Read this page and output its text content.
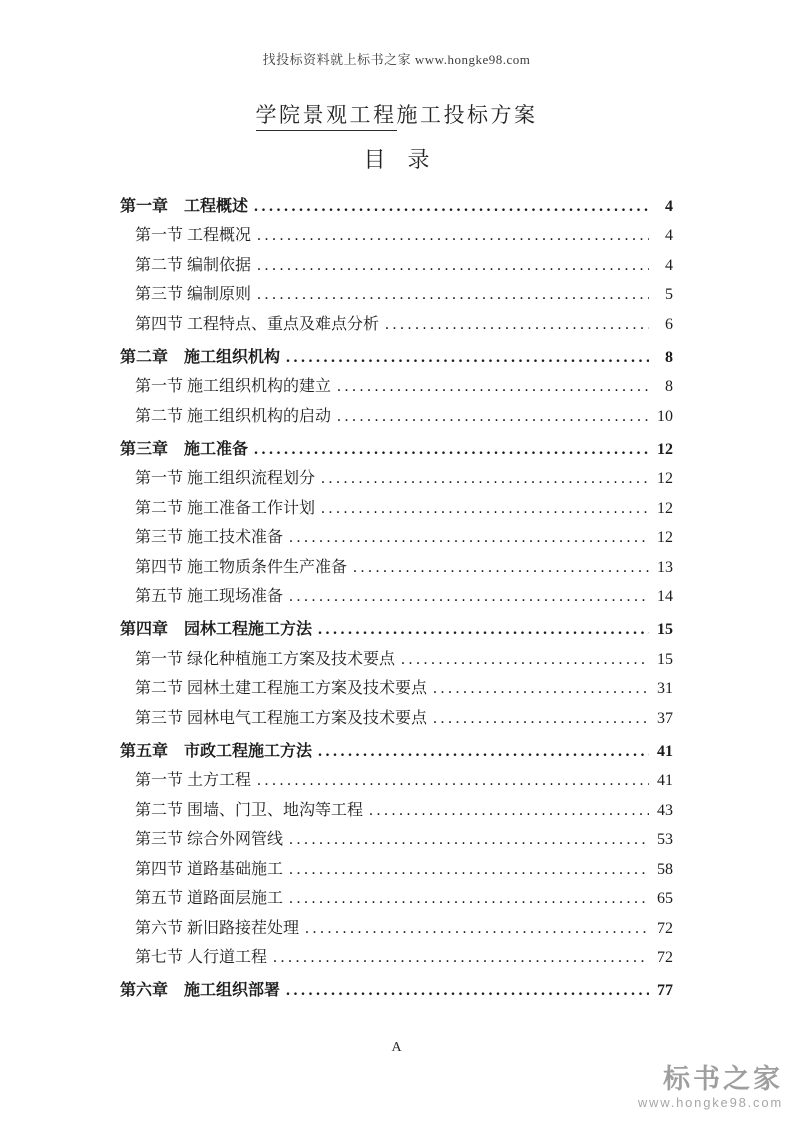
找投标资料就上标书之家 www.hongke98.com
学院景观工程施工投标方案
目　录
第一章　工程概述 .....	4
第一节 工程概况 .....	4
第二节 编制依据 .....	4
第三节 编制原则 .....	5
第四节 工程特点、重点及难点分析 .....	6
第二章　施工组织机构 .....	8
第一节 施工组织机构的建立 .....	8
第二节 施工组织机构的启动 .....	10
第三章　施工准备 .....	12
第一节 施工组织流程划分 .....	12
第二节 施工准备工作计划 .....	12
第三节 施工技术准备 .....	12
第四节 施工物质条件生产准备 .....	13
第五节 施工现场准备 .....	14
第四章　园林工程施工方法 .....	15
第一节 绿化种植施工方案及技术要点 .....	15
第二节 园林土建工程施工方案及技术要点 .....	31
第三节 园林电气工程施工方案及技术要点 .....	37
第五章　市政工程施工方法 .....	41
第一节 土方工程 .....	41
第二节 围墙、门卫、地沟等工程 .....	43
第三节 综合外网管线 .....	53
第四节 道路基础施工 .....	58
第五节 道路面层施工 .....	65
第六节 新旧路接茬处理 .....	72
第七节 人行道工程 .....	72
第六章　施工组织部署 .....	77
A
标书之家
www.hongke98.com
